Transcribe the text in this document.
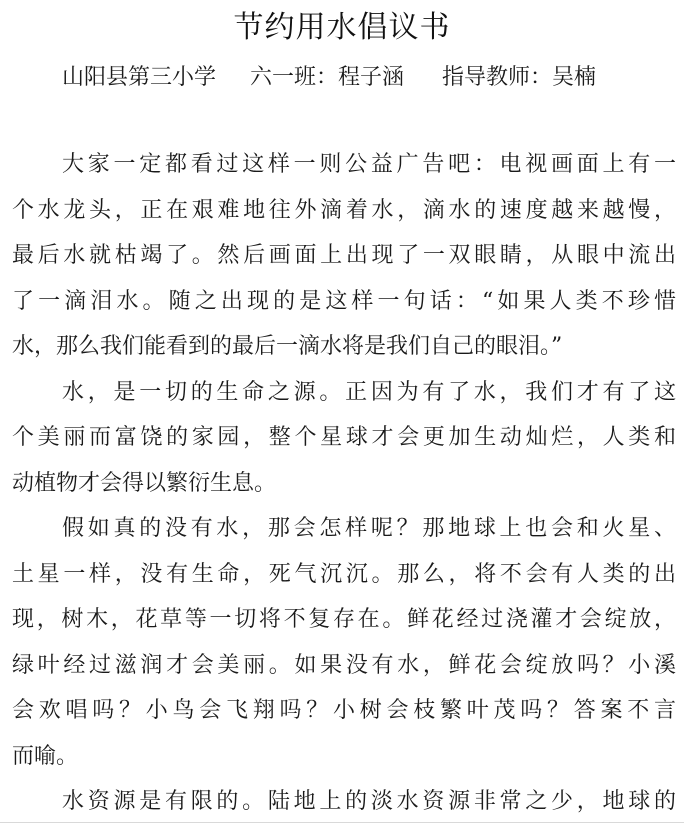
节约用水倡议书
山阳县第三小学 六一班：程子涵 指导教师：吴楠
大家一定都看过这样一则公益广告吧：电视画面上有一
个水龙头，正在艰难地往外滴着水，滴水的速度越来越慢，
最后水就枯竭了。然后画面上出现了一双眼睛，从眼中流出
了一滴泪水。随之出现的是这样一句话：“如果人类不珍惜
水，那么我们能看到的最后一滴水将是我们自己的眼泪。”
水，是一切的生命之源。正因为有了水，我们才有了这
个美丽而富饶的家园，整个星球才会更加生动灿烂，人类和
动植物才会得以繁衍生息。
假如真的没有水，那会怎样呢？那地球上也会和火星、
土星一样，没有生命，死气沉沉。那么，将不会有人类的出
现，树木，花草等一切将不复存在。鲜花经过浇灌才会绽放，
绿叶经过滋润才会美丽。如果没有水，鲜花会绽放吗？小溪
会欢唱吗？小鸟会飞翔吗？小树会枝繁叶茂吗？答案不言
而喻。
水资源是有限的。陆地上的淡水资源非常之少，地球的
